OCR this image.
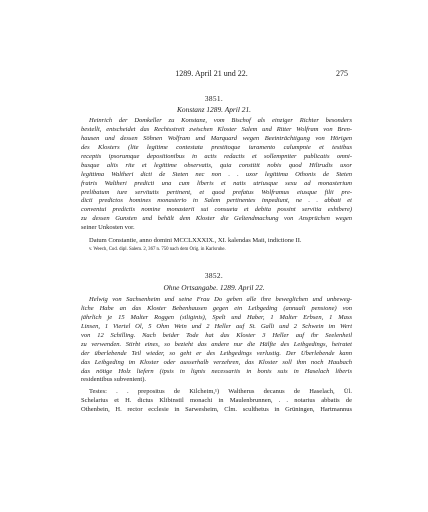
1289. April 21 und 22.	275
3851.
Konstanz 1289. April 21.
Heinrich der Domkeller zu Konstanz, vom Bischof als einziger Richter besonders
bestellt, entscheidet das Rechtsstreit zwischen Kloster Salem und Ritter Wolfram von Bren-
hausen und dessen Söhnen Wolfram und Marquard wegen Beeinträchtigung von Hörigen
des Klosters (lite legitime contestata prestitoque iuramento calumpnie et testibus
receptis ipsorumque depositionibus in actis redactis et sollempniter publicatis omni-
busque aliis rite et legittime observatis, quia constitit nobis quod Hiltrudis uxor
legittima Waltheri dicti de Steten nec non . . uxor legittima Othonis de Steten
fratris Waltheri predicti una cum liberis et natis utriusque sexu ad monasterium
prelibatum iure servitutis pertinent, et quod prefatus Wolframus eiusque filii pre-
dicti predictos homines monasterio in Salem pertinentes impediunt, ne . . abbati et
conventui predictis nomine monasterii sui consueta et debita possint servitia exhibere)
zu dessen Gunsten und behält dem Kloster die Geltendmachung von Ansprüchen wegen
seiner Unkosten vor.
Datum Constantie, anno domini MCCLXXXIX., XI. kalendas Maii, indictione II.
v. Weech, Cod. dipl. Salem. 2, 367 n. 750 nach dem Orig. in Karlsruhe.
3852.
Ohne Ortsangabe. 1289. April 22.
Helwig von Sachsenheim und seine Frau Do geben alle ihre beweglichen und unbeweg-
liche Habe an das Kloster Bebenhausen gegen ein Leibgeding (annuali pensione) von
jährlich je 15 Malter Roggen (siliginis), Spelt und Haber, 1 Malter Erbsen, 1 Mass
Linsen, 1 Viertel Öl, 5 Ohm Wein und 2 Heller auf St. Galli und 2 Schwein im Wert
von 12 Schilling. Nach beider Tode hat das Kloster 3 Heller auf ihr Seelenheil
zu verwenden. Stirbt eines, so bezieht das andere nur die Hälfte des Leibgedings, heiratet
der überlebende Teil wieder, so geht er des Leibgedings verlustig. Der Überlebende kann
das Leibgeding im Kloster oder ausserhalb verzehren, das Kloster soll ihm noch Haubach
das nötige Holz liefern (ipsis in lignis necessariis in bonis suis in Haselach liberis
residentibus subvenient).
Testes: . . prepositus de Kilcheim,¹) Waltherus decanus de Haselach, Ül.
Schelarius et H. dictus Klibinstil monachi in Maulenbrunnen, . . notarius abbatis de
Othenbein, H. rector ecclesie in Sarwesheim, Clm. sculthetus in Grüningen, Hartmannus
